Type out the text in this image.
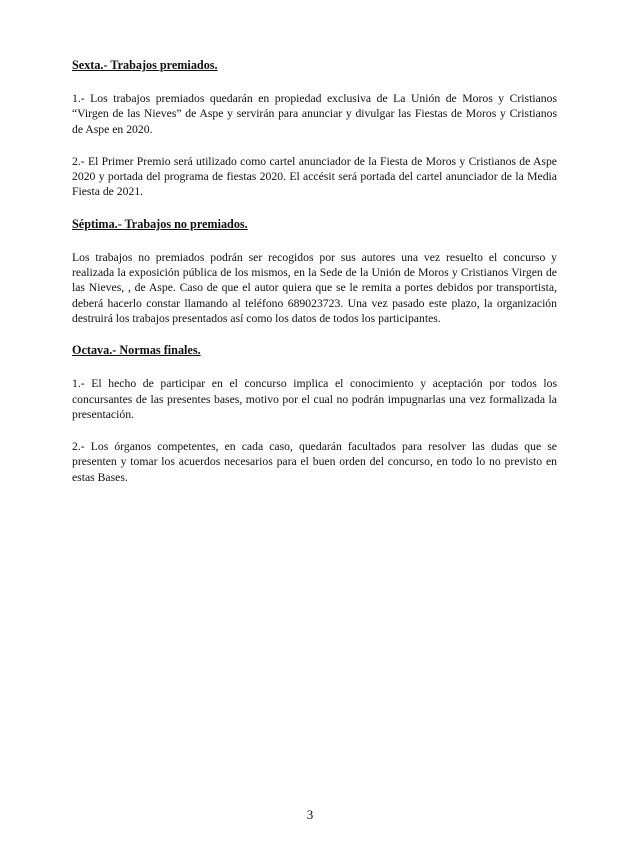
Sexta.- Trabajos premiados.

1.- Los trabajos premiados quedarán en propiedad exclusiva de La Unión de Moros y Cristianos “Virgen de las Nieves” de Aspe y servirán para anunciar y divulgar las Fiestas de Moros y Cristianos de Aspe en 2020.

2.- El Primer Premio será utilizado como cartel anunciador de la Fiesta de Moros y Cristianos de Aspe 2020 y portada del programa de fiestas 2020. El accésit será portada del cartel anunciador de la Media Fiesta de 2021.

Séptima.- Trabajos no premiados.

Los trabajos no premiados podrán ser recogidos por sus autores una vez resuelto el concurso y realizada la exposición pública de los mismos, en la Sede de la Unión de Moros y Cristianos Virgen de las Nieves, , de Aspe. Caso de que el autor quiera que se le remita a portes debidos por transportista, deberá hacerlo constar llamando al teléfono 689023723. Una vez pasado este plazo, la organización destruirá los trabajos presentados así como los datos de todos los participantes.

Octava.- Normas finales.

1.- El hecho de participar en el concurso implica el conocimiento y aceptación por todos los concursantes de las presentes bases, motivo por el cual no podrán impugnarlas una vez formalizada la presentación.

2.- Los órganos competentes, en cada caso, quedarán facultados para resolver las dudas que se presenten y tomar los acuerdos necesarios para el buen orden del concurso, en todo lo no previsto en estas Bases.

3
